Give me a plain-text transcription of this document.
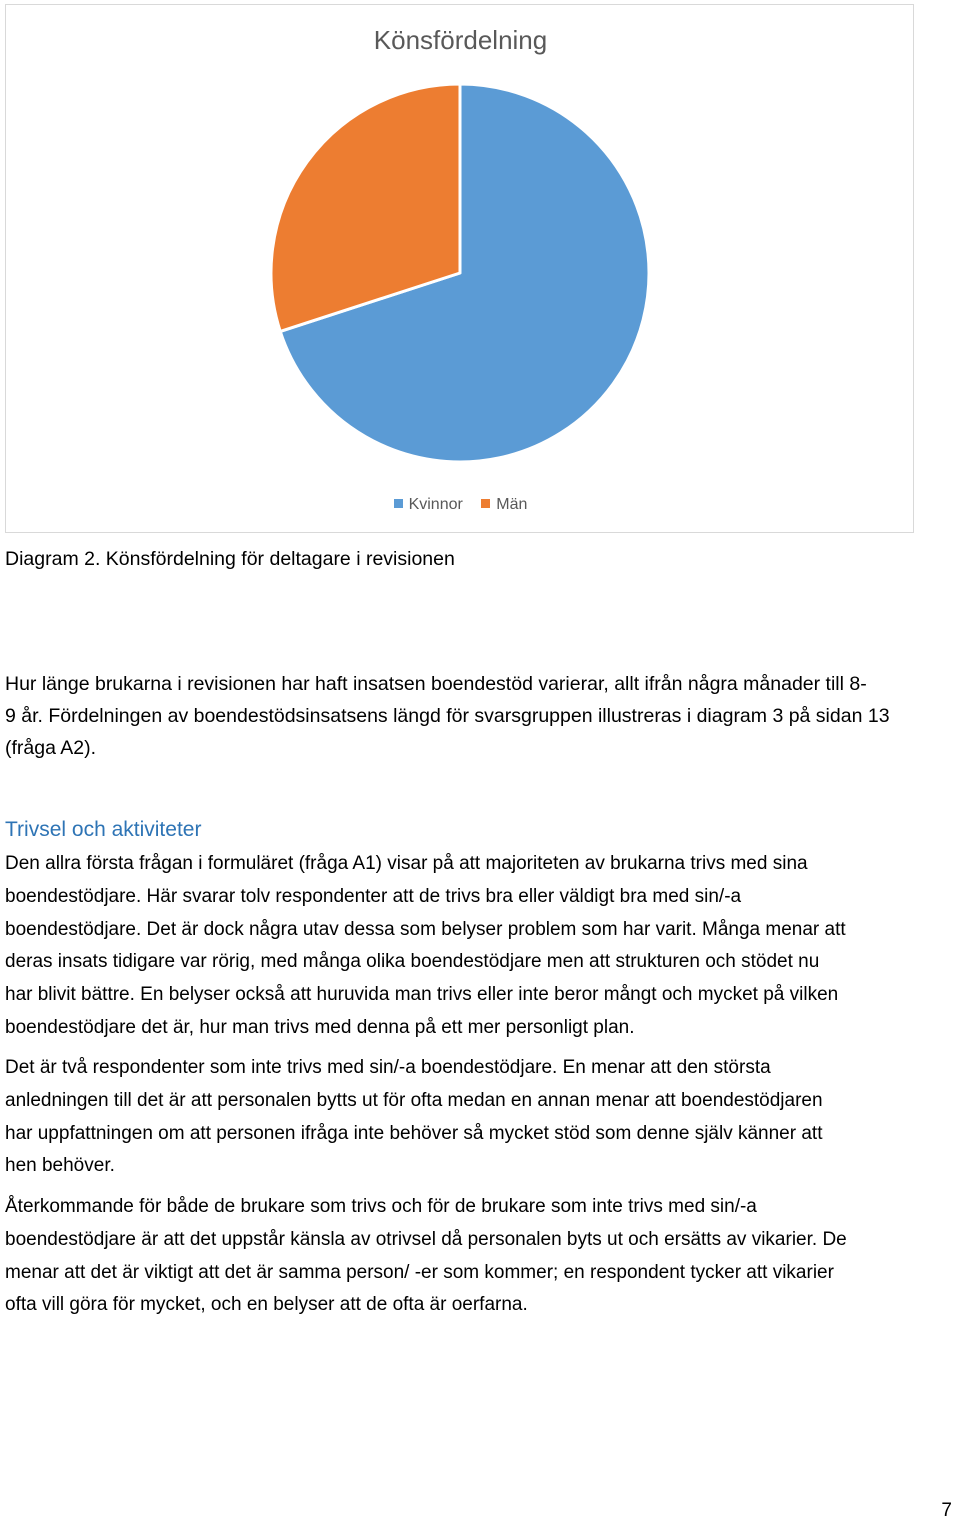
Könsfördelning
Kvinnor Män
Diagram 2. Könsfördelning för deltagare i revisionen
Hur länge brukarna i revisionen har haft insatsen boendestöd varierar, allt ifrån några månader till 8-
9 år. Fördelningen av boendestödsinsatsens längd för svarsgruppen illustreras i diagram 3 på sidan 13
(fråga A2).
Trivsel och aktiviteter
Den allra första frågan i formuläret (fråga A1) visar på att majoriteten av brukarna trivs med sina
boendestödjare. Här svarar tolv respondenter att de trivs bra eller väldigt bra med sin/-a
boendestödjare. Det är dock några utav dessa som belyser problem som har varit. Många menar att
deras insats tidigare var rörig, med många olika boendestödjare men att strukturen och stödet nu
har blivit bättre. En belyser också att huruvida man trivs eller inte beror mångt och mycket på vilken
boendestödjare det är, hur man trivs med denna på ett mer personligt plan.
Det är två respondenter som inte trivs med sin/-a boendestödjare. En menar att den största
anledningen till det är att personalen bytts ut för ofta medan en annan menar att boendestödjaren
har uppfattningen om att personen ifråga inte behöver så mycket stöd som denne själv känner att
hen behöver.
Återkommande för både de brukare som trivs och för de brukare som inte trivs med sin/-a
boendestödjare är att det uppstår känsla av otrivsel då personalen byts ut och ersätts av vikarier. De
menar att det är viktigt att det är samma person/ -er som kommer; en respondent tycker att vikarier
ofta vill göra för mycket, och en belyser att de ofta är oerfarna.
7
